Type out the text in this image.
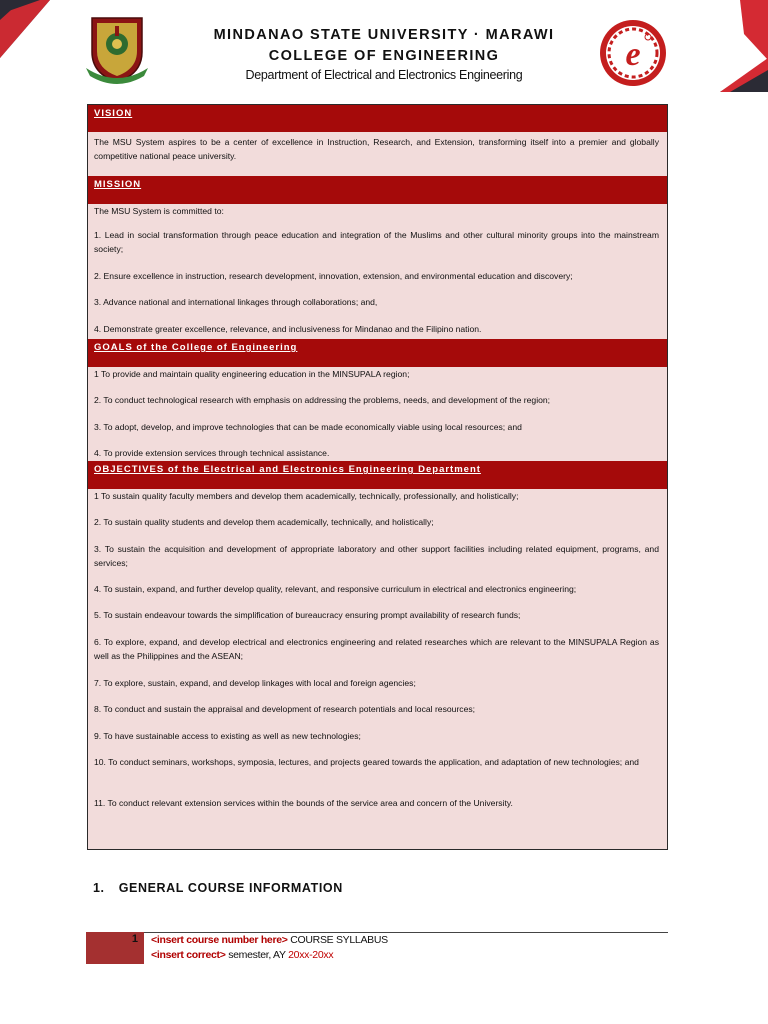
MINDANAO STATE UNIVERSITY · MARAWI
COLLEGE OF ENGINEERING
Department of Electrical and Electronics Engineering
e
VISION
The MSU System aspires to be a center of excellence in Instruction, Research, and Extension, transforming itself into a premier and globally competitive national peace university.
MISSION
The MSU System is committed to:
1. Lead in social transformation through peace education and integration of the Muslims and other cultural minority groups into the mainstream society;
2. Ensure excellence in instruction, research development, innovation, extension, and environmental education and discovery;
3. Advance national and international linkages through collaborations; and,
4. Demonstrate greater excellence, relevance, and inclusiveness for Mindanao and the Filipino nation.
GOALS of the College of Engineering
1 To provide and maintain quality engineering education in the MINSUPALA region;
2. To conduct technological research with emphasis on addressing the problems, needs, and development of the region;
3. To adopt, develop, and improve technologies that can be made economically viable using local resources; and
4. To provide extension services through technical assistance.
OBJECTIVES of the Electrical and Electronics Engineering Department
1 To sustain quality faculty members and develop them academically, technically, professionally, and holistically;
2. To sustain quality students and develop them academically, technically, and holistically;
3. To sustain the acquisition and development of appropriate laboratory and other support facilities including related equipment, programs, and services;
4. To sustain, expand, and further develop quality, relevant, and responsive curriculum in electrical and electronics engineering;
5. To sustain endeavour towards the simplification of bureaucracy ensuring prompt availability of research funds;
6. To explore, expand, and develop electrical and electronics engineering and related researches which are relevant to the MINSUPALA Region as well as the Philippines and the ASEAN;
7. To explore, sustain, expand, and develop linkages with local and foreign agencies;
8. To conduct and sustain the appraisal and development of research potentials and local resources;
9. To have sustainable access to existing as well as new technologies;
10. To conduct seminars, workshops, symposia, lectures, and projects geared towards the application, and adaptation of new technologies; and
11. To conduct relevant extension services within the bounds of the service area and concern of the University.
1. GENERAL COURSE INFORMATION
1 <insert course number here> COURSE SYLLABUS
<insert correct> semester, AY 20xx-20xx
